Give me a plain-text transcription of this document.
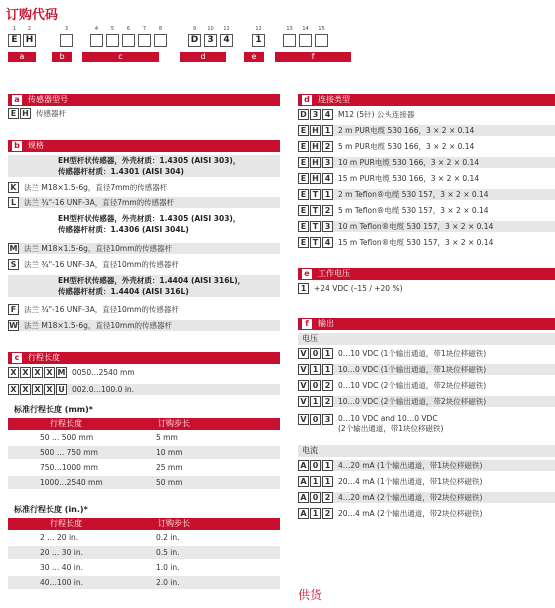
订购代码
1
E
2
H
3	4	5	6	7	8	9
D
10
3
11
4
12
1
13	14	15
a 传感器型号
E H 传感器杆
b 规格
EH型杆状传感器，外壳材质：1.4305 (AISI 303)，
传感器杆材质：1.4301 (AISI 304)
K 法兰 M18×1.5-6g，直径7mm的传感器杆
L 法兰 ¾"-16 UNF-3A，直径7mm的传感器杆
EH型杆状传感器，外壳材质：1.4305 (AISI 303)，
传感器杆材质：1.4306 (AISI 304L)
M 法兰 M18×1.5-6g，直径10mm的传感器杆
S 法兰 ¾"-16 UNF-3A，直径10mm的传感器杆
EH型杆状传感器，外壳材质：1.4404 (AISI 316L)，
传感器杆材质：1.4404 (AISI 316L)
F 法兰 ¾"-16 UNF-3A，直径10mm的传感器杆
W 法兰 M18×1.5-6g，直径10mm的传感器杆
c 行程长度
X X X X M 0050…2540 mm
X X X X U 002.0…100.0 in.
标准行程长度 (mm)*
行程长度	订购步长
50 … 500 mm	5 mm
500 … 750 mm	10 mm
750…1000 mm	25 mm
1000…2540 mm	50 mm
标准行程长度 (in.)*
行程长度	订购步长
2 … 20 in.	0.2 in.
20 … 30 in.	0.5 in.
30 … 40 in.	1.0 in.
40…100 in.	2.0 in.
d 连接类型
D 3 4 M12 (5针) 公头连接器
E H 1 2 m PUR电缆 530 166，3 × 2 × 0.14
E H 2 5 m PUR电缆 530 166，3 × 2 × 0.14
E H 3 10 m PUR电缆 530 166，3 × 2 × 0.14
E H 4 15 m PUR电缆 530 166，3 × 2 × 0.14
E T 1 2 m Teflon®电缆 530 157，3 × 2 × 0.14
E T 2 5 m Teflon®电缆 530 157，3 × 2 × 0.14
E T 3 10 m Teflon®电缆 530 157，3 × 2 × 0.14
E T 4 15 m Teflon®电缆 530 157，3 × 2 × 0.14
e 工作电压
1 +24 VDC (–15 / +20 %)
f 输出
电压
V 0 1 0…10 VDC (1个输出通道，带1块位移磁铁)
V 1 1 10…0 VDC (1个输出通道，带1块位移磁铁)
V 0 2 0…10 VDC (2个输出通道，带2块位移磁铁)
V 1 2 10…0 VDC (2个输出通道，带2块位移磁铁)
V 0 3 0…10 VDC and 10…0 VDC
(2个输出通道，带1块位移磁铁)
电流
A 0 1 4…20 mA (1个输出通道，带1块位移磁铁)
A 1 1 20…4 mA (1个输出通道，带1块位移磁铁)
A 0 2 4…20 mA (2个输出通道，带2块位移磁铁)
A 1 2 20…4 mA (2个输出通道，带2块位移磁铁)
供货
a	b	c	d	e	f
